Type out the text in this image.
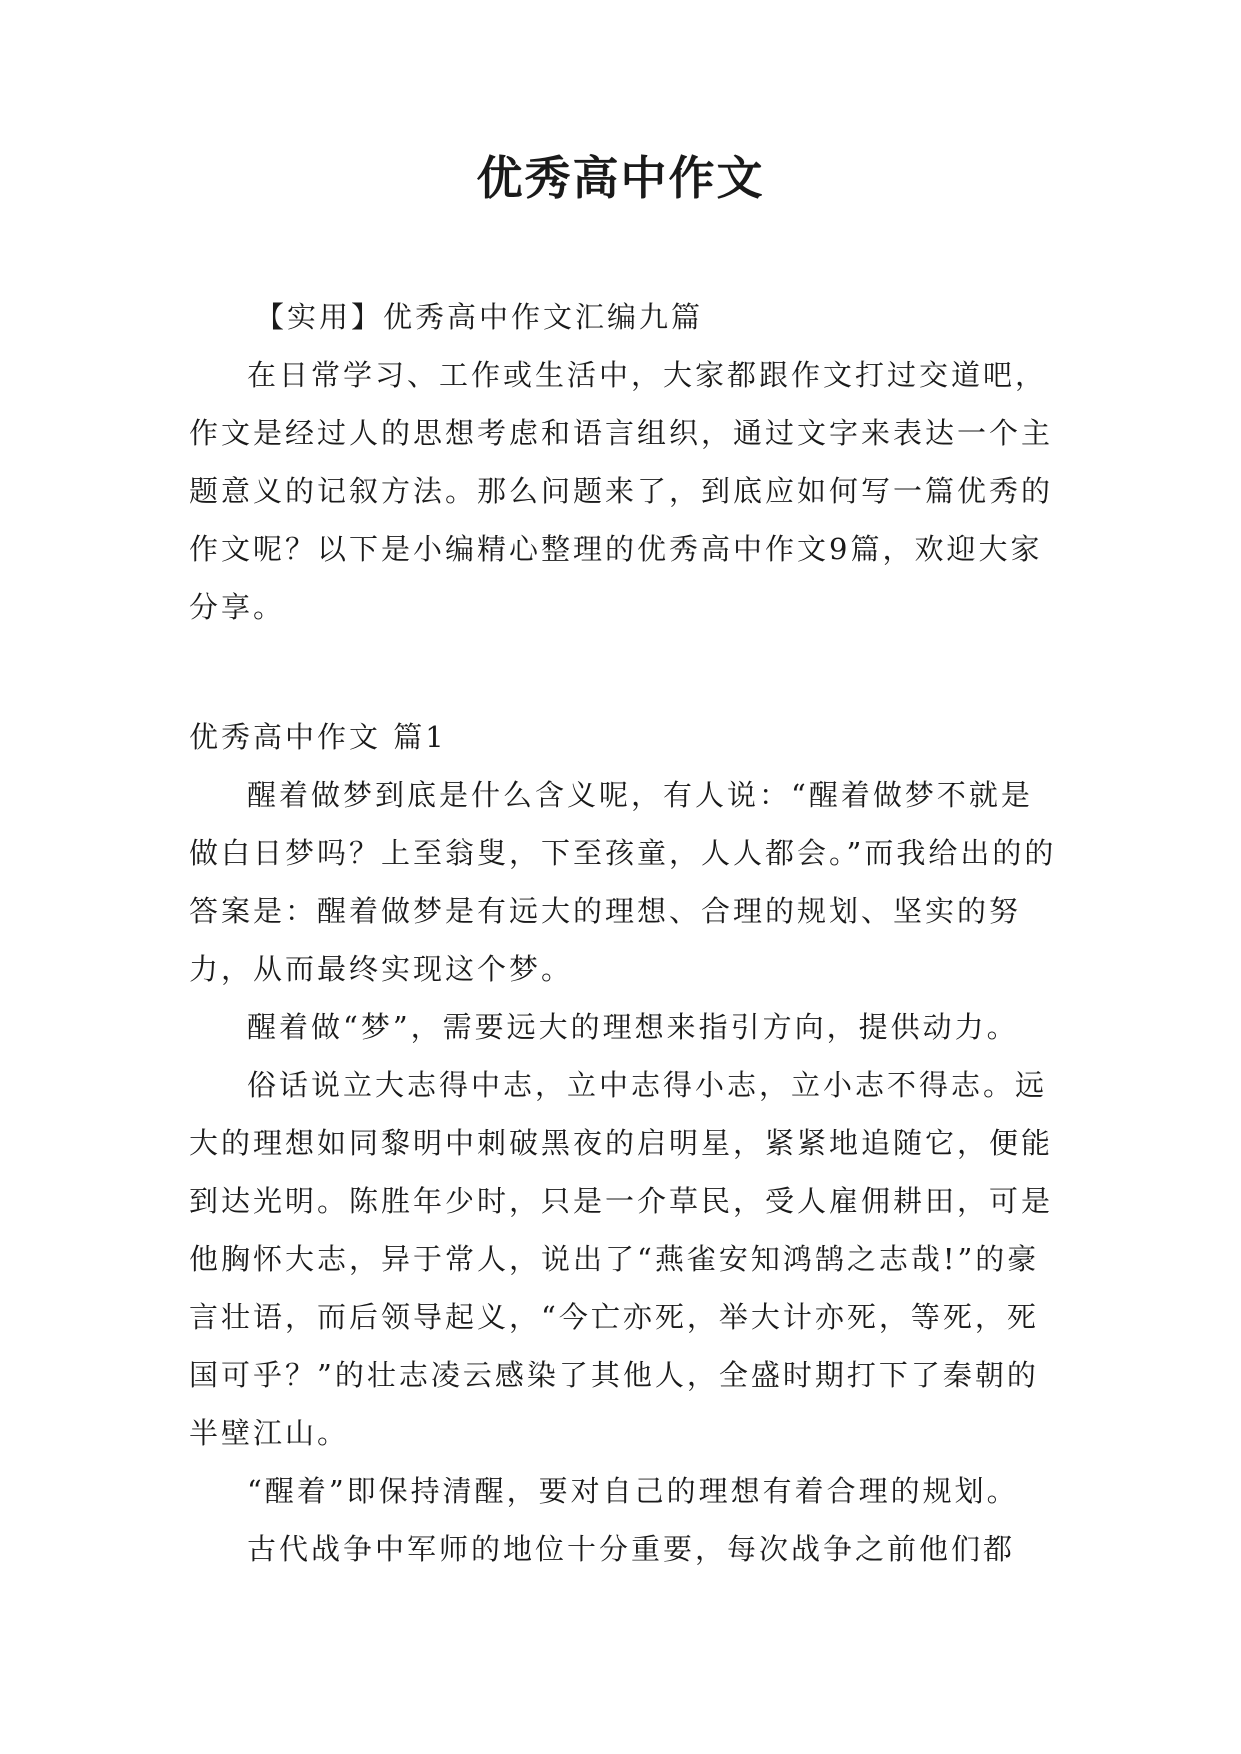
优秀高中作文

【实用】优秀高中作文汇编九篇

在日常学习、工作或生活中，大家都跟作文打过交道吧，作文是经过人的思想考虑和语言组织，通过文字来表达一个主题意义的记叙方法。那么问题来了，到底应如何写一篇优秀的作文呢？以下是小编精心整理的优秀高中作文9篇，欢迎大家分享。

优秀高中作文 篇1

醒着做梦到底是什么含义呢，有人说：“醒着做梦不就是做白日梦吗？上至翁叟，下至孩童，人人都会。”而我给出的的答案是：醒着做梦是有远大的理想、合理的规划、坚实的努力，从而最终实现这个梦。

醒着做“梦”，需要远大的理想来指引方向，提供动力。

俗话说立大志得中志，立中志得小志，立小志不得志。远大的理想如同黎明中刺破黑夜的启明星，紧紧地追随它，便能到达光明。陈胜年少时，只是一介草民，受人雇佣耕田，可是他胸怀大志，异于常人，说出了“燕雀安知鸿鹄之志哉!”的豪言壮语，而后领导起义，“今亡亦死，举大计亦死，等死，死国可乎？”的壮志凌云感染了其他人，全盛时期打下了秦朝的半壁江山。

“醒着”即保持清醒，要对自己的理想有着合理的规划。

古代战争中军师的地位十分重要，每次战争之前他们都
